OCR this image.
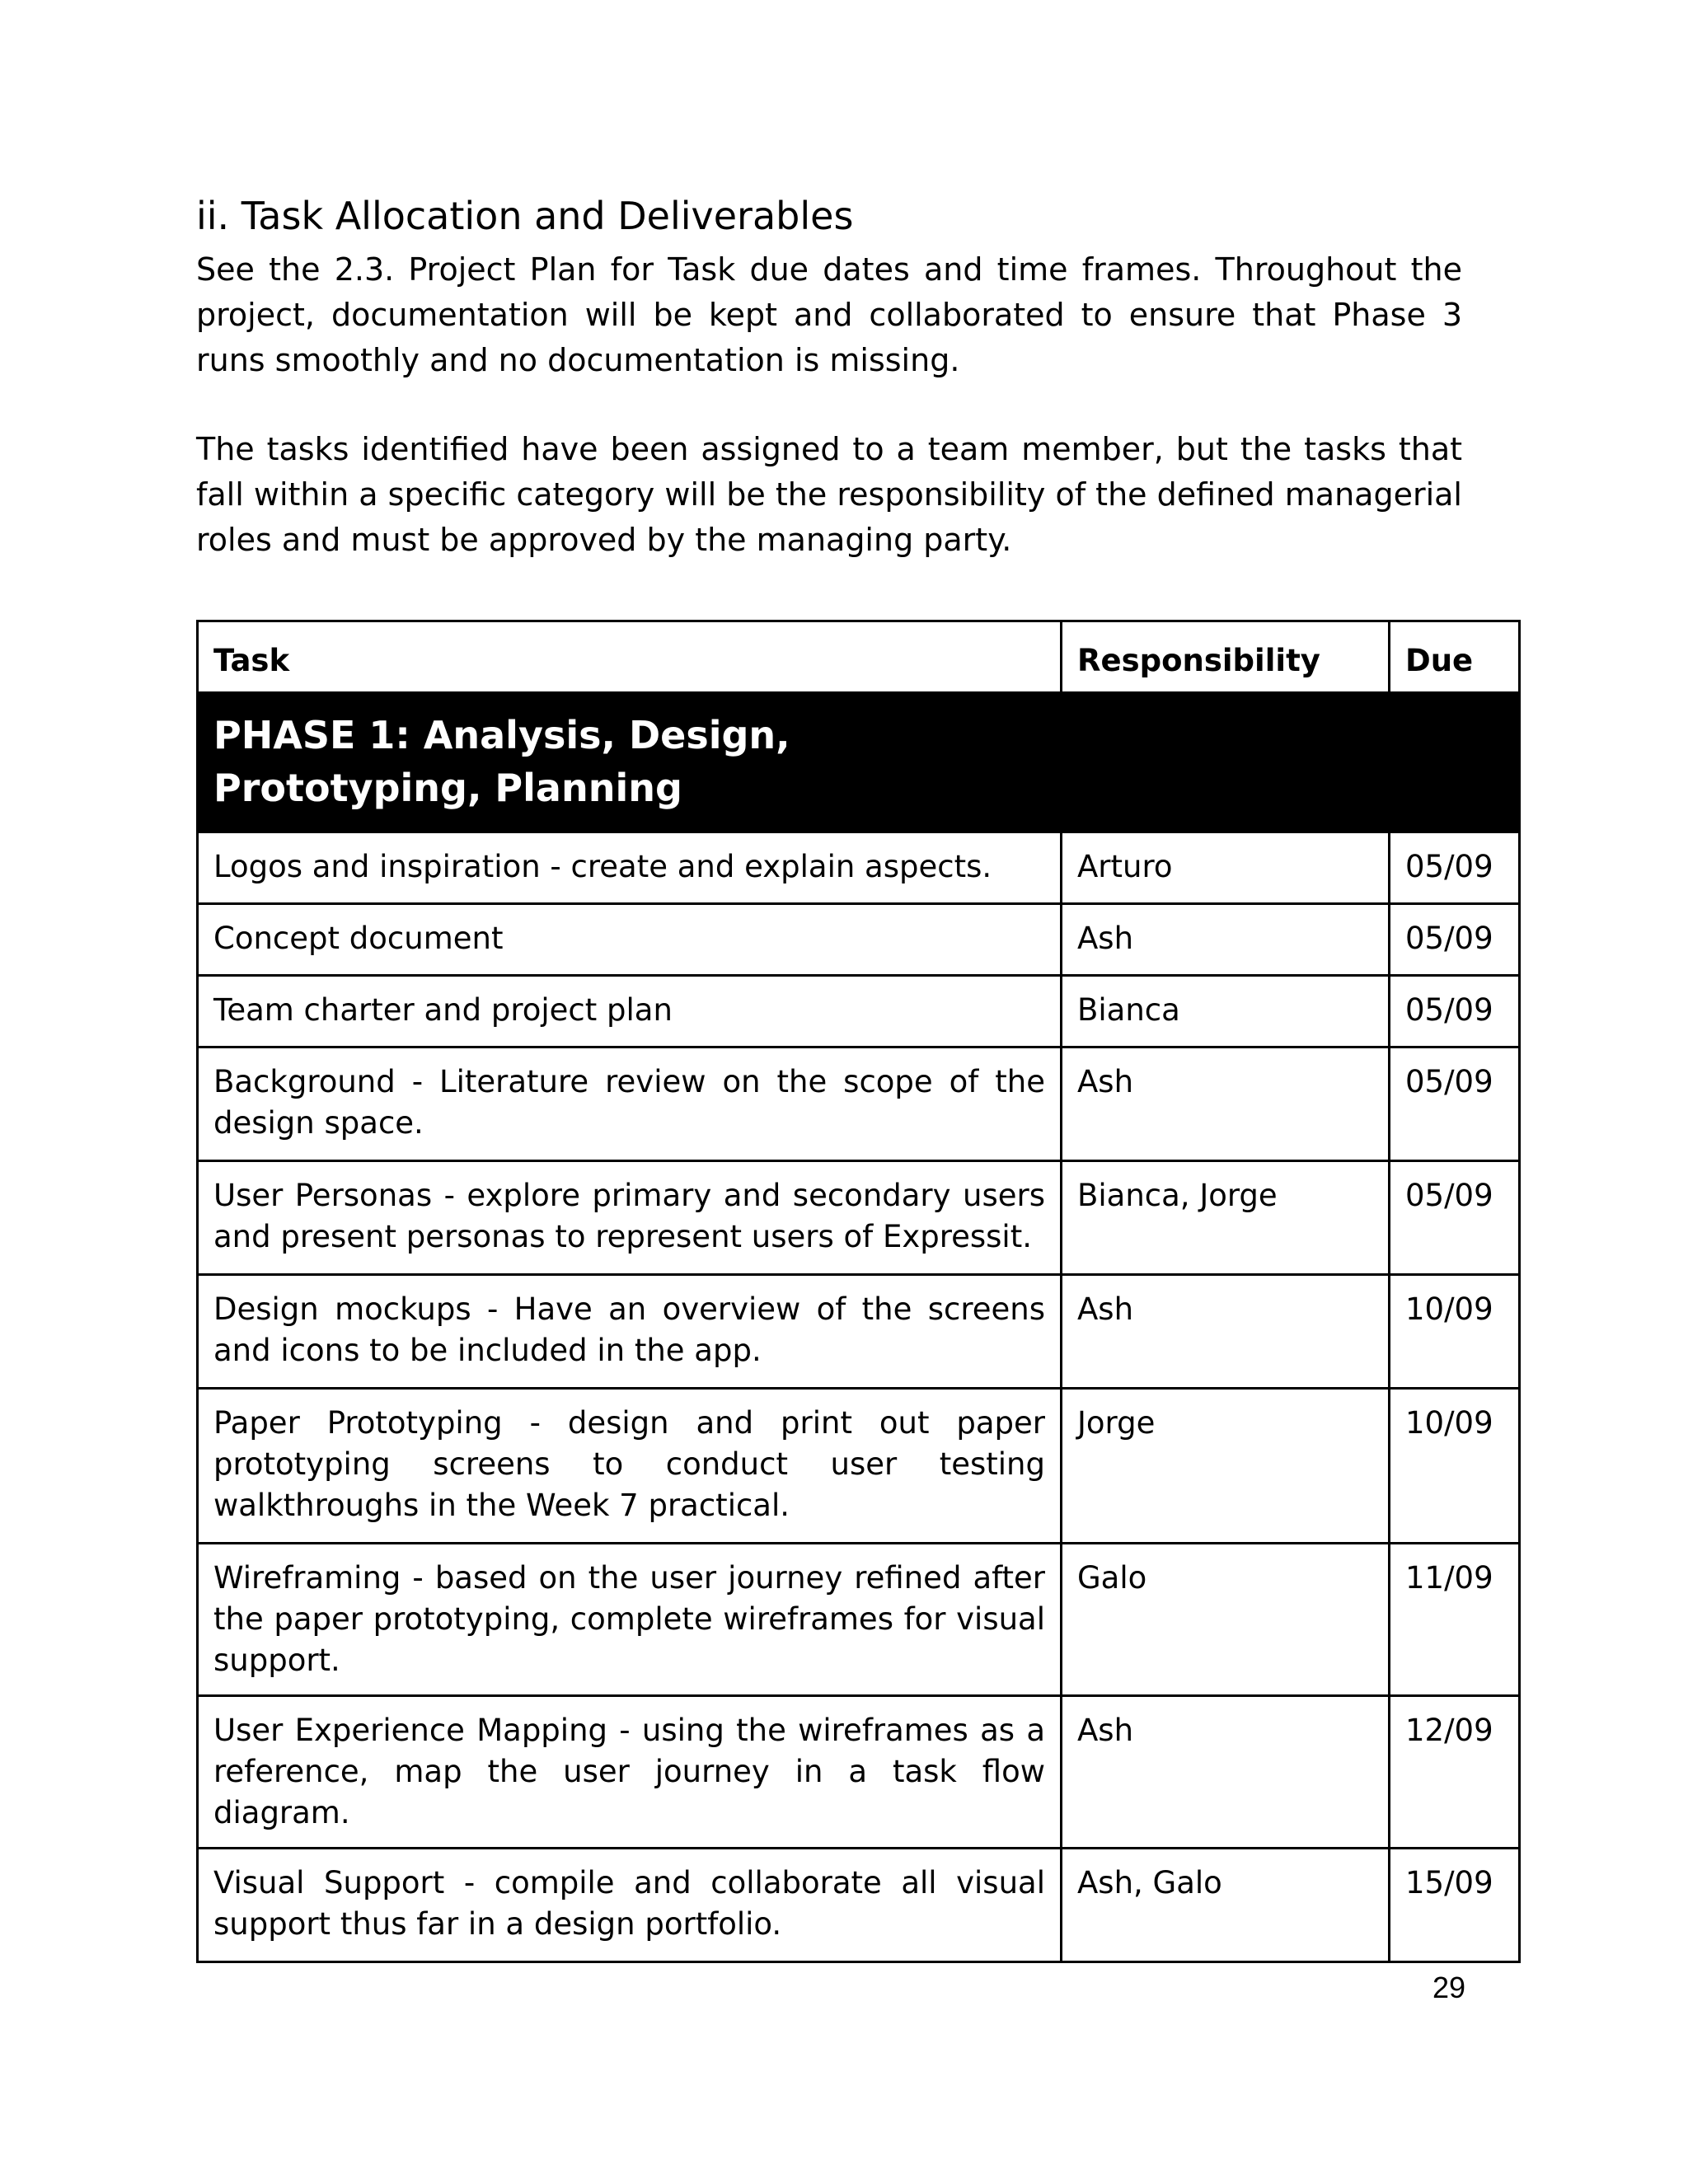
ii. Task Allocation and Deliverables

See the 2.3. Project Plan for Task due dates and time frames. Throughout the project, documentation will be kept and collaborated to ensure that Phase 3 runs smoothly and no documentation is missing.

The tasks identified have been assigned to a team member, but the tasks that fall within a specific category will be the responsibility of the defined managerial roles and must be approved by the managing party.

Task	Responsibility	Due
PHASE 1: Analysis, Design, Prototyping, Planning		
Logos and inspiration - create and explain aspects.	Arturo	05/09
Concept document	Ash	05/09
Team charter and project plan	Bianca	05/09
Background - Literature review on the scope of the design space.	Ash	05/09
User Personas - explore primary and secondary users and present personas to represent users of Expressit.	Bianca, Jorge	05/09
Design mockups - Have an overview of the screens and icons to be included in the app.	Ash	10/09
Paper Prototyping - design and print out paper prototyping screens to conduct user testing walkthroughs in the Week 7 practical.	Jorge	10/09
Wireframing - based on the user journey refined after the paper prototyping, complete wireframes for visual support.	Galo	11/09
User Experience Mapping - using the wireframes as a reference, map the user journey in a task flow diagram.	Ash	12/09
Visual Support - compile and collaborate all visual support thus far in a design portfolio.	Ash, Galo	15/09
29
